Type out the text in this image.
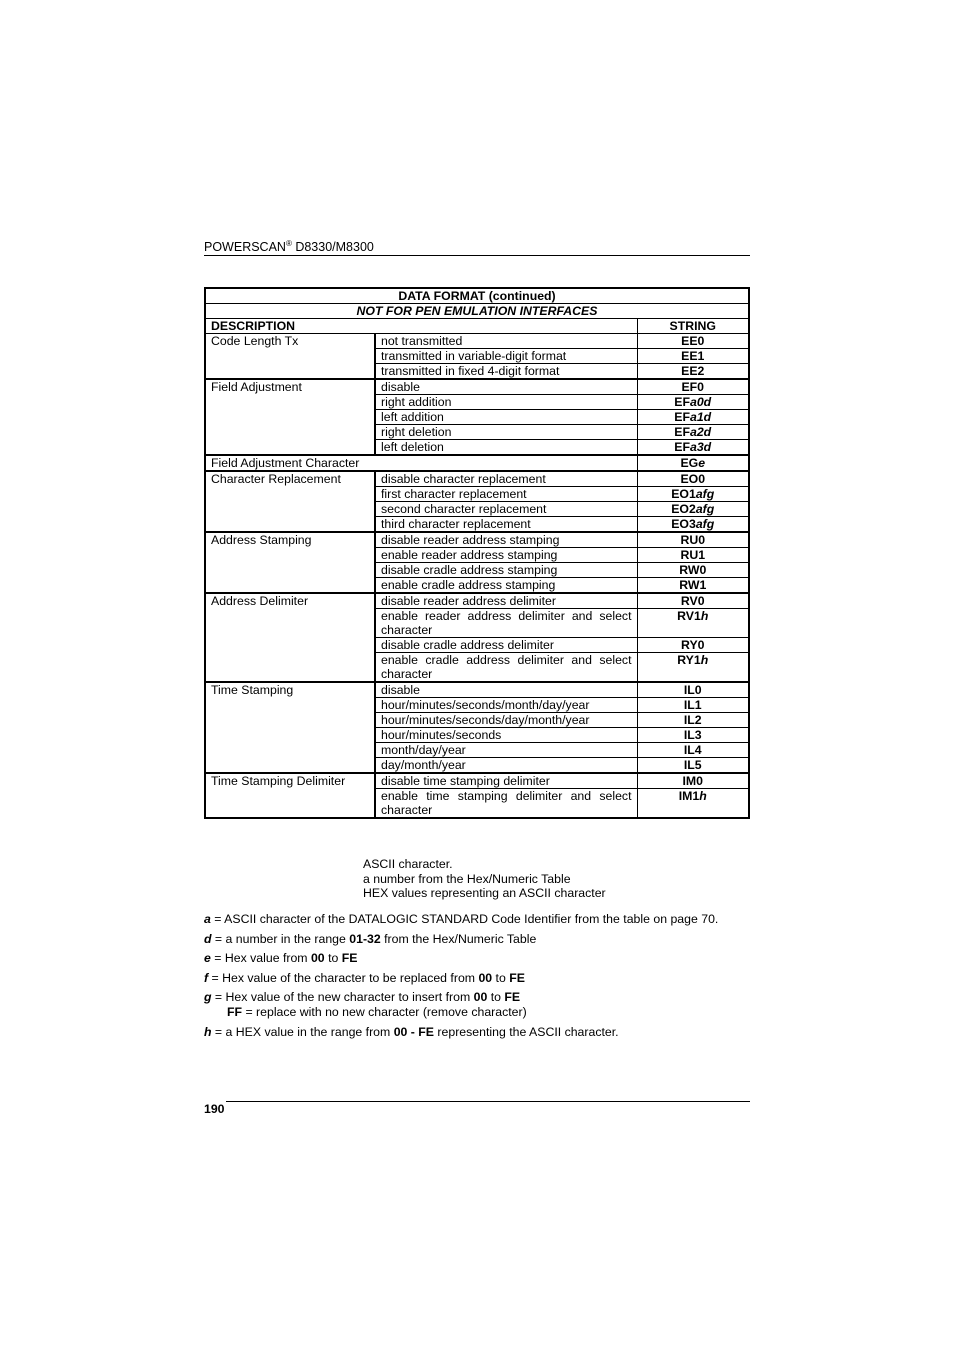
POWERSCAN® D8330/M8300
DATA FORMAT (continued)		
NOT FOR PEN EMULATION INTERFACES		
DESCRIPTION		STRING
Code Length Tx	not transmitted	EE0
	transmitted in variable-digit format	EE1
	transmitted in fixed 4-digit format	EE2
Field Adjustment	disable	EF0
	right addition	EFa0d
	left addition	EFa1d
	right deletion	EFa2d
	left deletion	EFa3d
Field Adjustment Character		EGe
Character Replacement	disable character replacement	EO0
	first character replacement	EO1afg
	second character replacement	EO2afg
	third character replacement	EO3afg
Address Stamping	disable reader address stamping	RU0
	enable reader address stamping	RU1
	disable cradle address stamping	RW0
	enable cradle address stamping	RW1
Address Delimiter	disable reader address delimiter	RV0
	enable reader address delimiter and select character	RV1h
	disable cradle address delimiter	RY0
	enable cradle address delimiter and select character	RY1h
Time Stamping	disable	IL0
	hour/minutes/seconds/month/day/year	IL1
	hour/minutes/seconds/day/month/year	IL2
	hour/minutes/seconds	IL3
	month/day/year	IL4
	day/month/year	IL5
Time Stamping Delimiter	disable time stamping delimiter	IM0
	enable time stamping delimiter and select character	IM1h
ASCII character.
a number from the Hex/Numeric Table
HEX values representing an ASCII character
a = ASCII character of the DATALOGIC STANDARD Code Identifier from the table on page 70.
d = a number in the range 01-32 from the Hex/Numeric Table
e = Hex value from 00 to FE
f = Hex value of the character to be replaced from 00 to FE
g = Hex value of the new character to insert from 00 to FE
FF = replace with no new character (remove character)
h = a HEX value in the range from 00 - FE representing the ASCII character.
190
